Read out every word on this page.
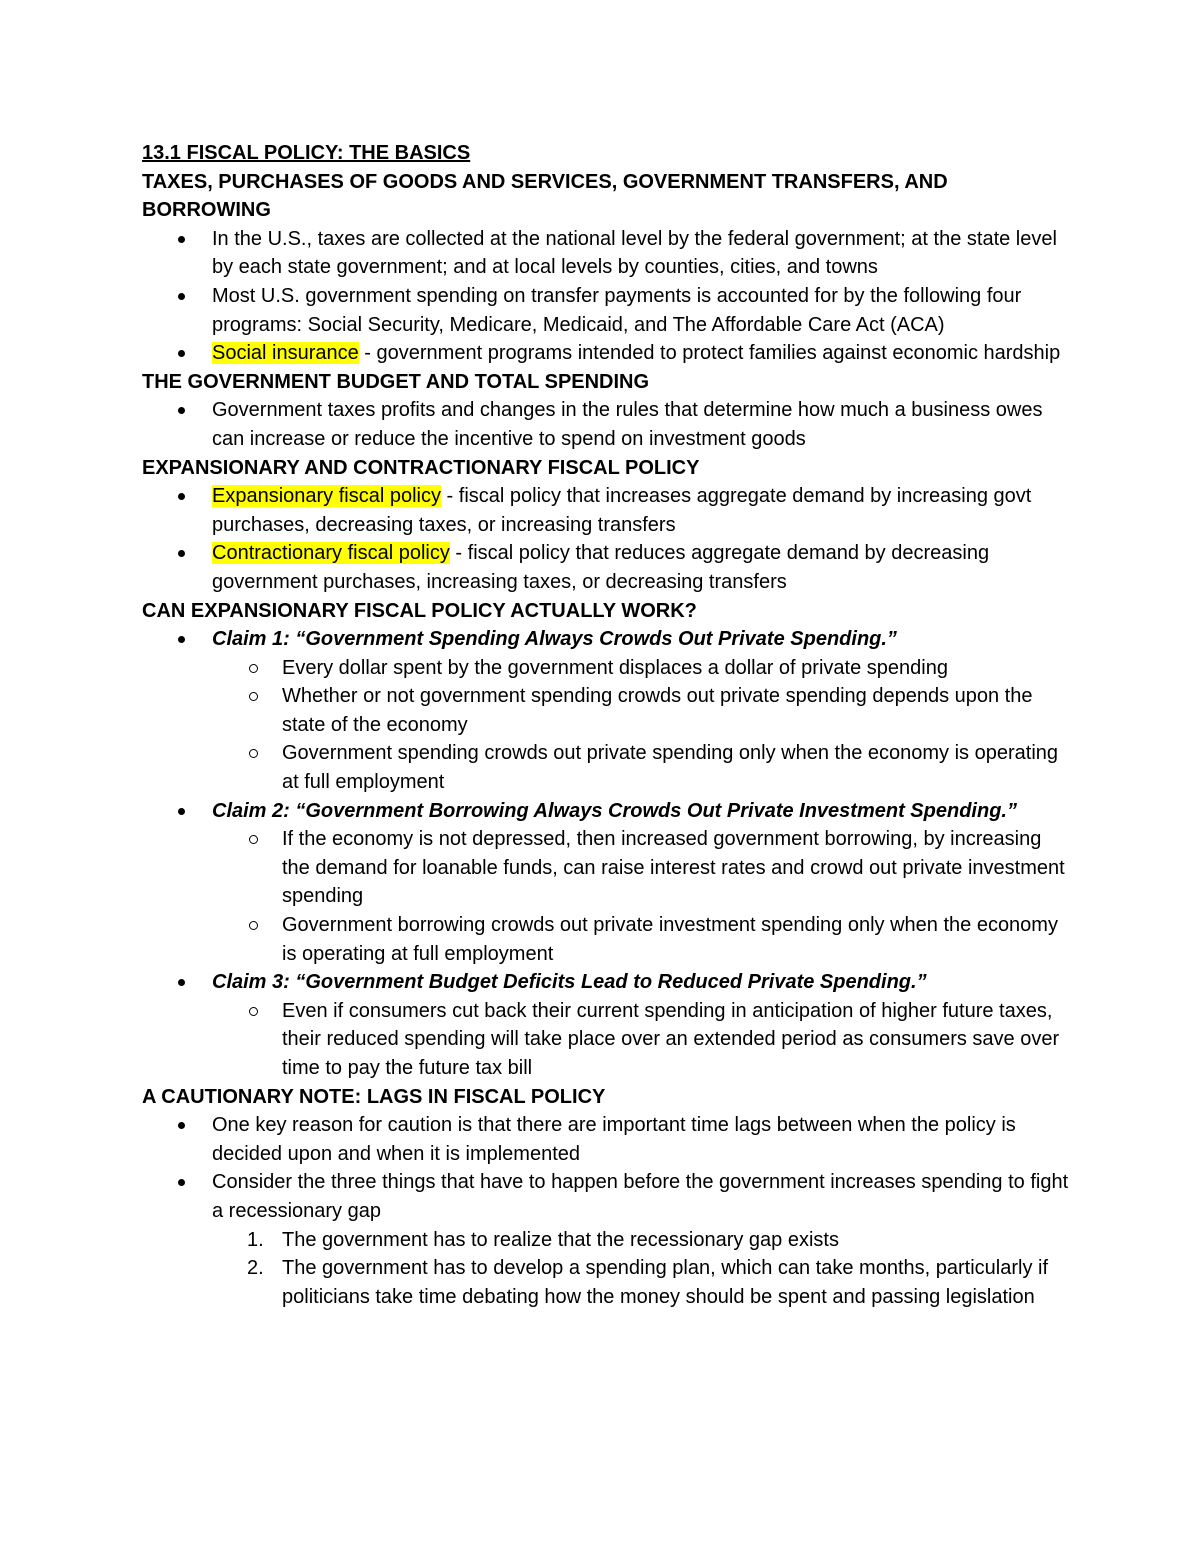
13.1 FISCAL POLICY: THE BASICS
TAXES, PURCHASES OF GOODS AND SERVICES, GOVERNMENT TRANSFERS, AND BORROWING
In the U.S., taxes are collected at the national level by the federal government; at the state level by each state government; and at local levels by counties, cities, and towns
Most U.S. government spending on transfer payments is accounted for by the following four programs: Social Security, Medicare, Medicaid, and The Affordable Care Act (ACA)
Social insurance - government programs intended to protect families against economic hardship
THE GOVERNMENT BUDGET AND TOTAL SPENDING
Government taxes profits and changes in the rules that determine how much a business owes can increase or reduce the incentive to spend on investment goods
EXPANSIONARY AND CONTRACTIONARY FISCAL POLICY
Expansionary fiscal policy - fiscal policy that increases aggregate demand by increasing govt purchases, decreasing taxes, or increasing transfers
Contractionary fiscal policy - fiscal policy that reduces aggregate demand by decreasing government purchases, increasing taxes, or decreasing transfers
CAN EXPANSIONARY FISCAL POLICY ACTUALLY WORK?
Claim 1: “Government Spending Always Crowds Out Private Spending.”
Every dollar spent by the government displaces a dollar of private spending
Whether or not government spending crowds out private spending depends upon the state of the economy
Government spending crowds out private spending only when the economy is operating at full employment
Claim 2: “Government Borrowing Always Crowds Out Private Investment Spending.”
If the economy is not depressed, then increased government borrowing, by increasing the demand for loanable funds, can raise interest rates and crowd out private investment spending
Government borrowing crowds out private investment spending only when the economy is operating at full employment
Claim 3: “Government Budget Deficits Lead to Reduced Private Spending.”
Even if consumers cut back their current spending in anticipation of higher future taxes, their reduced spending will take place over an extended period as consumers save over time to pay the future tax bill
A CAUTIONARY NOTE: LAGS IN FISCAL POLICY
One key reason for caution is that there are important time lags between when the policy is decided upon and when it is implemented
Consider the three things that have to happen before the government increases spending to fight a recessionary gap
1. The government has to realize that the recessionary gap exists
2. The government has to develop a spending plan, which can take months, particularly if politicians take time debating how the money should be spent and passing legislation
